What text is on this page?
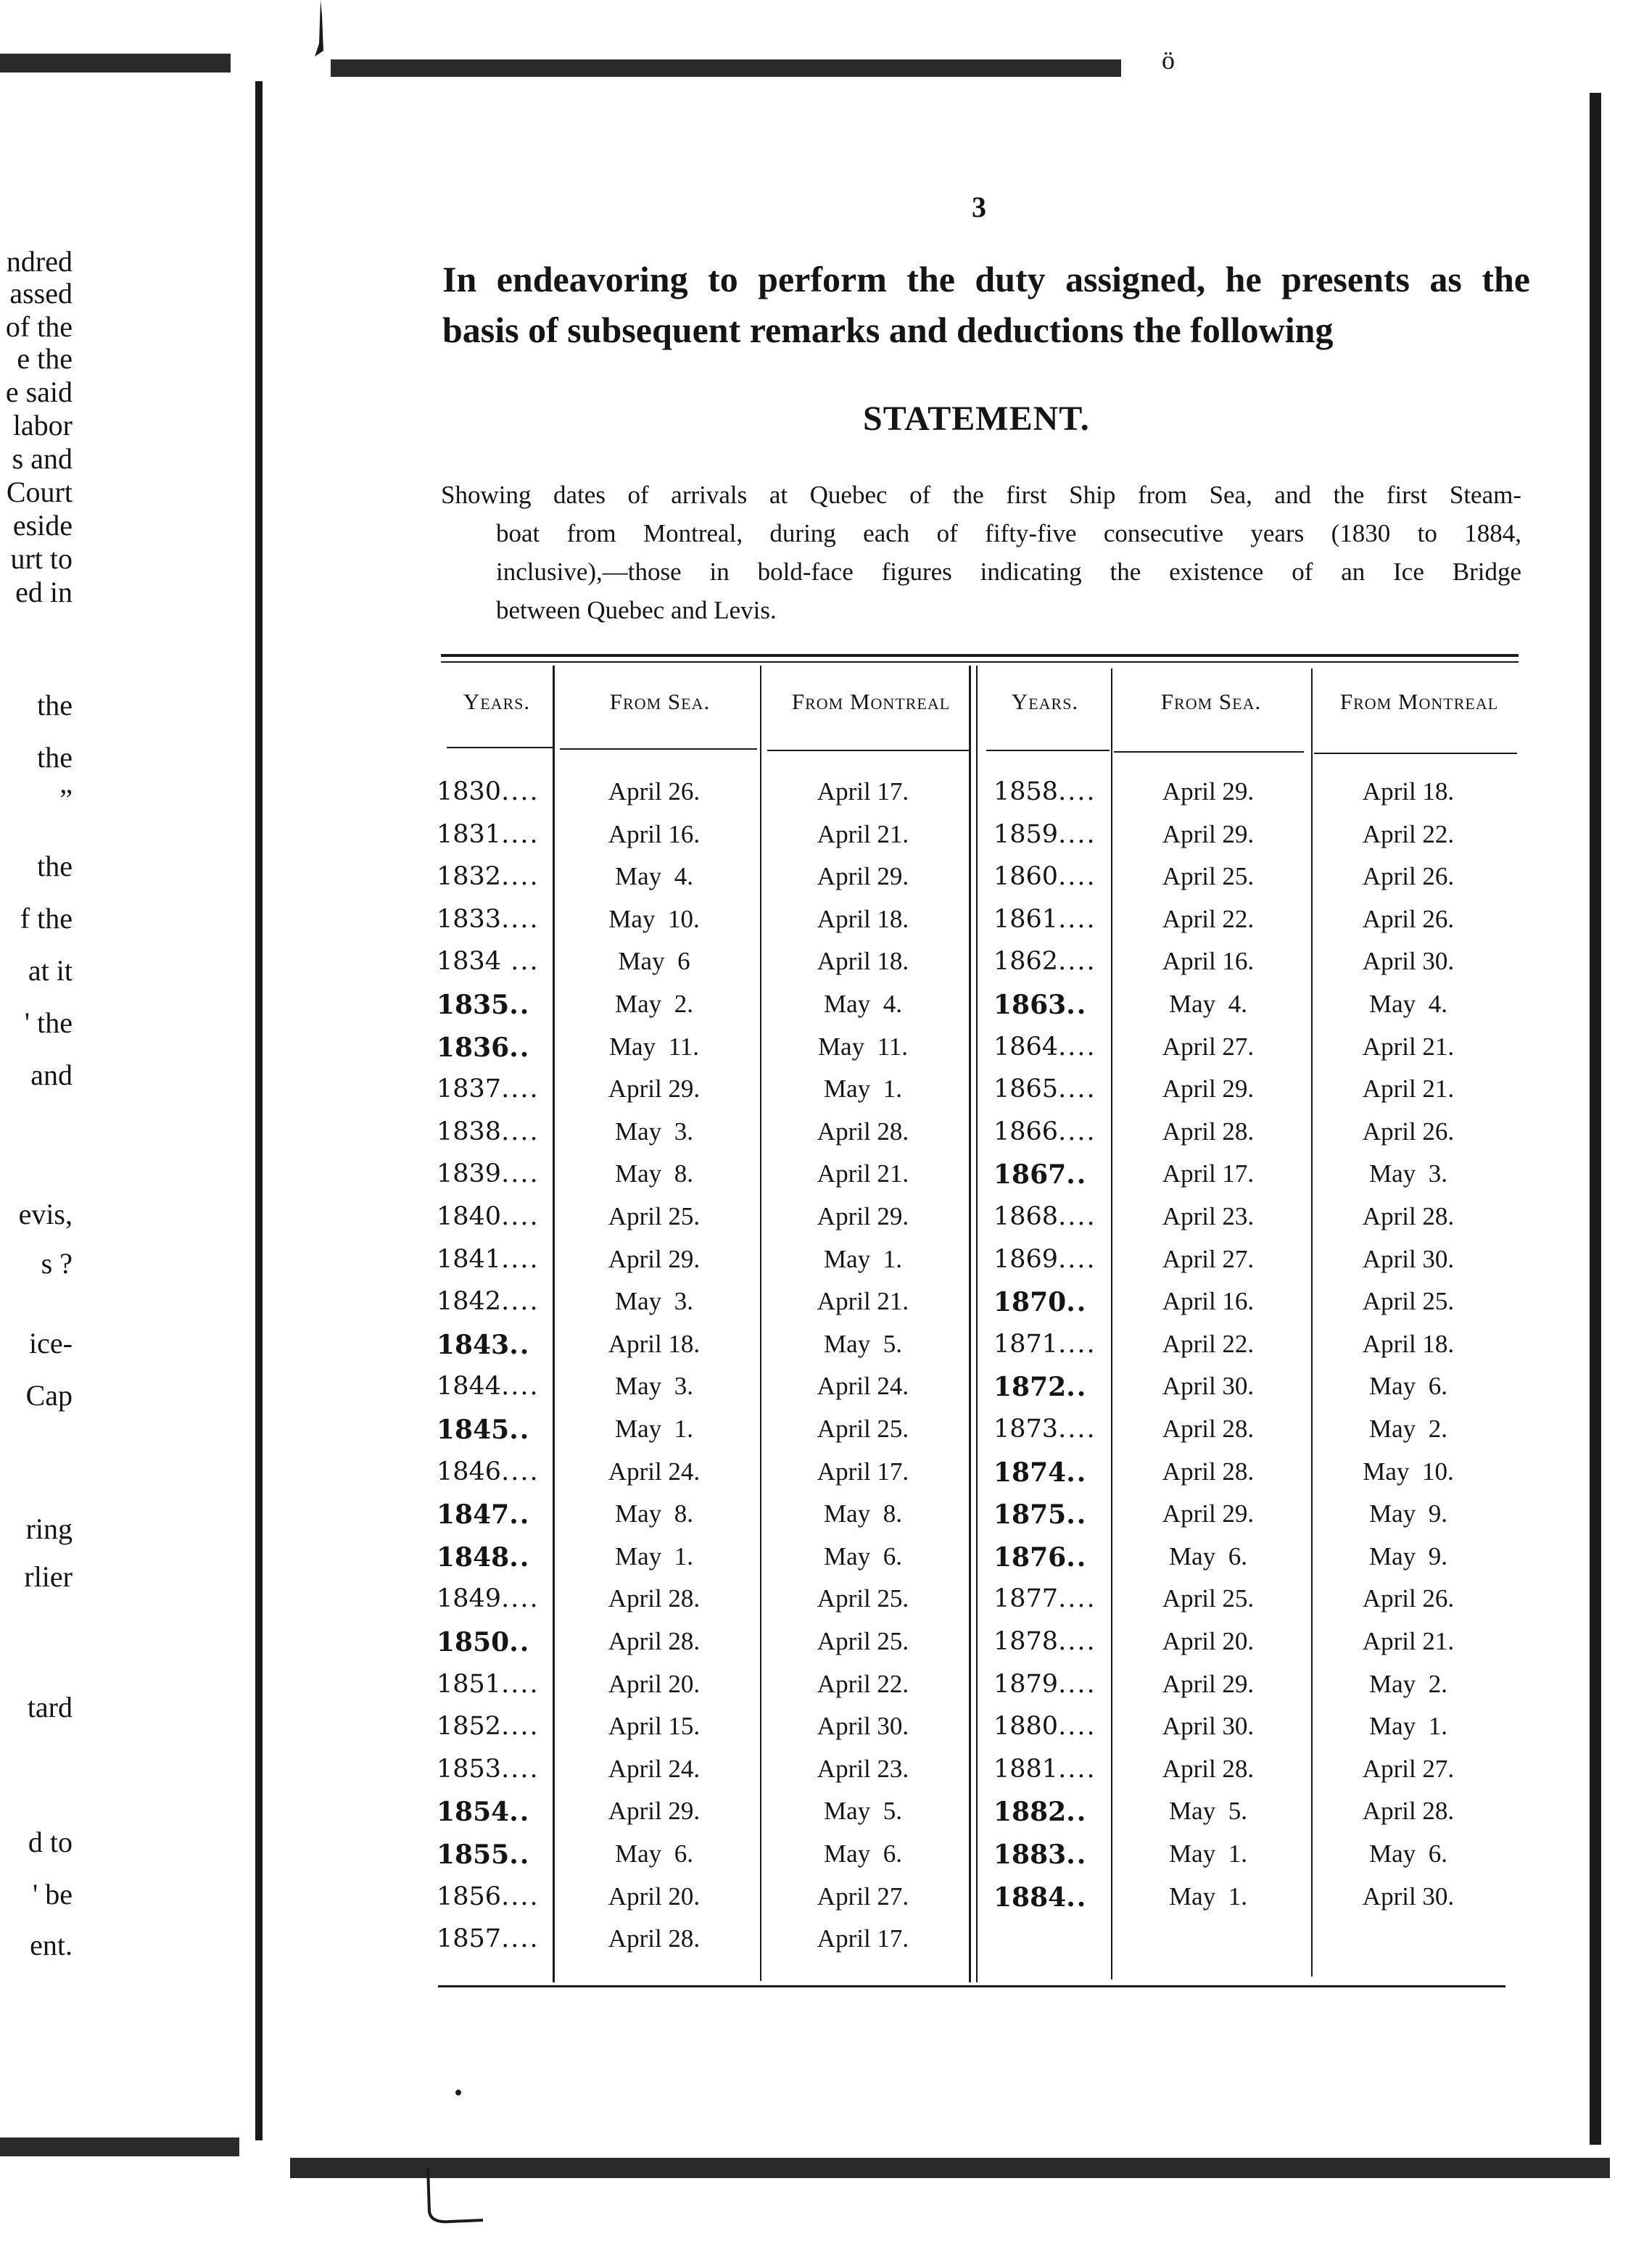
ö
ndred
assed
of the
e the
e said
labor
s and
Court
eside
urt to
ed in
the
the
”
the
f the
at it
' the
and
evis,
s ?
ice-
Cap
ring
rlier
tard
d to
' be
ent.
3
In endeavoring to perform the duty assigned, he presents as the
basis of subsequent remarks and deductions the following
STATEMENT.
Showing dates of arrivals at Quebec of the first Ship from Sea, and the first Steam-
boat from Montreal, during each of fifty-five consecutive years (1830 to 1884,
inclusive),—those in bold-face figures indicating the existence of an Ice Bridge
between Quebec and Levis.
Years.	From Sea.	From Montreal	Years.	From Sea.	From Montreal
1830....	April 26.	April 17.
1831....	April 16.	April 21.
1832....	May  4.	April 29.
1833....	May  10.	April 18.
1834 ...	May  6	April 18.
1835..	May  2.	May  4.
1836..	May  11.	May  11.
1837....	April 29.	May  1.
1838....	May  3.	April 28.
1839....	May  8.	April 21.
1840....	April 25.	April 29.
1841....	April 29.	May  1.
1842....	May  3.	April 21.
1843..	April 18.	May  5.
1844....	May  3.	April 24.
1845..	May  1.	April 25.
1846....	April 24.	April 17.
1847..	May  8.	May  8.
1848..	May  1.	May  6.
1849....	April 28.	April 25.
1850..	April 28.	April 25.
1851....	April 20.	April 22.
1852....	April 15.	April 30.
1853....	April 24.	April 23.
1854..	April 29.	May  5.
1855..	May  6.	May  6.
1856....	April 20.	April 27.
1857....	April 28.	April 17.
1858....	April 29.	April 18.
1859....	April 29.	April 22.
1860....	April 25.	April 26.
1861....	April 22.	April 26.
1862....	April 16.	April 30.
1863..	May  4.	May  4.
1864....	April 27.	April 21.
1865....	April 29.	April 21.
1866....	April 28.	April 26.
1867..	April 17.	May  3.
1868....	April 23.	April 28.
1869....	April 27.	April 30.
1870..	April 16.	April 25.
1871....	April 22.	April 18.
1872..	April 30.	May  6.
1873....	April 28.	May  2.
1874..	April 28.	May  10.
1875..	April 29.	May  9.
1876..	May  6.	May  9.
1877....	April 25.	April 26.
1878....	April 20.	April 21.
1879....	April 29.	May  2.
1880....	April 30.	May  1.
1881....	April 28.	April 27.
1882..	May  5.	April 28.
1883..	May  1.	May  6.
1884..	May  1.	April 30.
